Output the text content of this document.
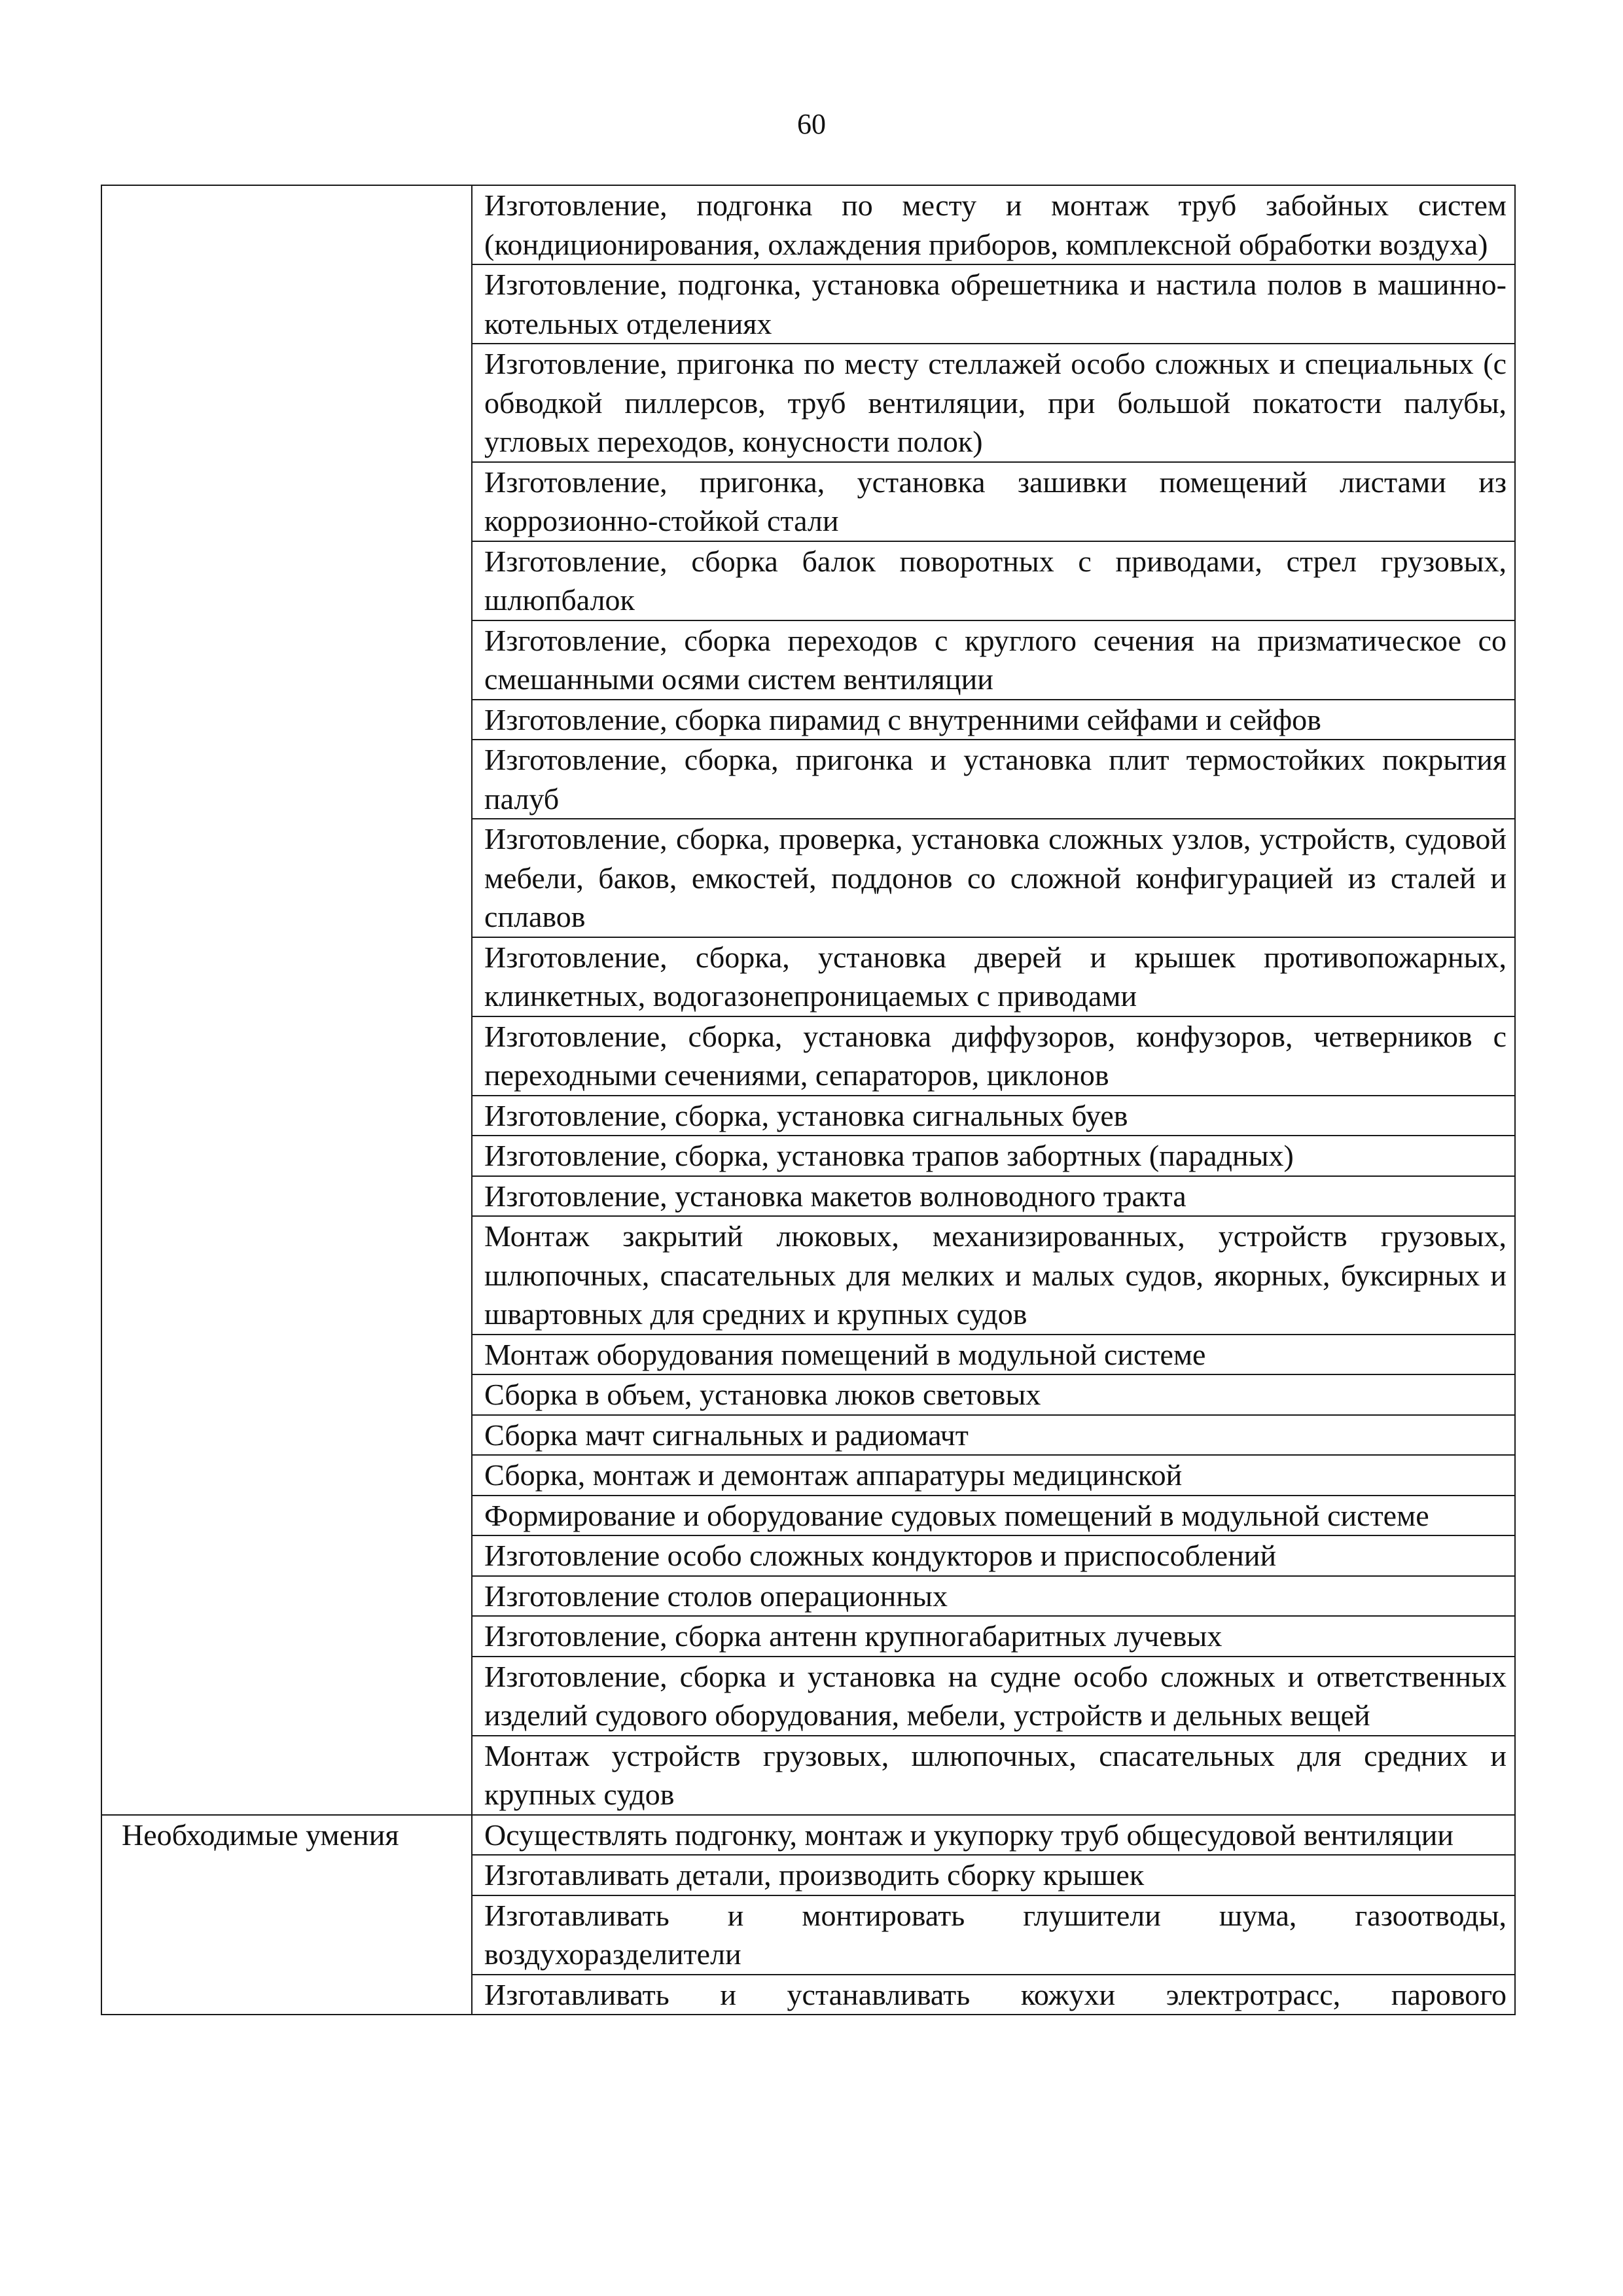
60
	Изготовление, подгонка по месту и монтаж труб забойных систем (кондиционирования, охлаждения приборов, комплексной обработки воздуха)
	Изготовление, подгонка, установка обрешетника и настила полов в машинно-котельных отделениях
	Изготовление, пригонка по месту стеллажей особо сложных и специальных (с обводкой пиллерсов, труб вентиляции, при большой покатости палубы, угловых переходов, конусности полок)
	Изготовление, пригонка, установка зашивки помещений листами из коррозионно-стойкой стали
	Изготовление, сборка балок поворотных с приводами, стрел грузовых, шлюпбалок
	Изготовление, сборка переходов с круглого сечения на призматическое со смешанными осями систем вентиляции
	Изготовление, сборка пирамид с внутренними сейфами и сейфов
	Изготовление, сборка, пригонка и установка плит термостойких покрытия палуб
	Изготовление, сборка, проверка, установка сложных узлов, устройств, судовой мебели, баков, емкостей, поддонов со сложной конфигурацией из сталей и сплавов
	Изготовление, сборка, установка дверей и крышек противопожарных, клинкетных, водогазонепроницаемых с приводами
	Изготовление, сборка, установка диффузоров, конфузоров, четверников с переходными сечениями, сепараторов, циклонов
	Изготовление, сборка, установка сигнальных буев
	Изготовление, сборка, установка трапов забортных (парадных)
	Изготовление, установка макетов волноводного тракта
	Монтаж закрытий люковых, механизированных, устройств грузовых, шлюпочных, спасательных для мелких и малых судов, якорных, буксирных и швартовных для средних и крупных судов
	Монтаж оборудования помещений в модульной системе
	Сборка в объем, установка люков световых
	Сборка мачт сигнальных и радиомачт
	Сборка, монтаж и демонтаж аппаратуры медицинской
	Формирование и оборудование судовых помещений в модульной системе
	Изготовление особо сложных кондукторов и приспособлений
	Изготовление столов операционных
	Изготовление, сборка антенн крупногабаритных лучевых
	Изготовление, сборка и установка на судне особо сложных и ответственных изделий судового оборудования, мебели, устройств и дельных вещей
	Монтаж устройств грузовых, шлюпочных, спасательных для средних и крупных судов
Необходимые умения	Осуществлять подгонку, монтаж и укупорку труб общесудовой вентиляции
	Изготавливать детали, производить сборку крышек
	Изготавливать и монтировать глушители шума, газоотводы, воздухоразделители
	Изготавливать и устанавливать кожухи электротрасс, парового
